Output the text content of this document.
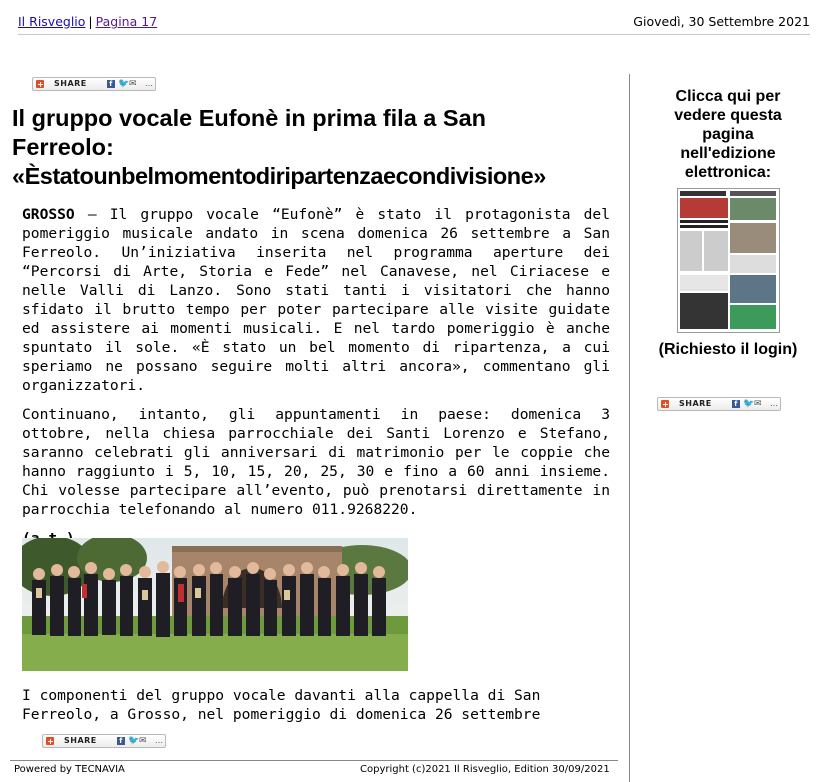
Il Risveglio | Pagina 17	Giovedì, 30 Settembre 2021
SHARE	f 🐦 ✉ …
Il gruppo vocale Eufonè in prima fila a San
Ferreolo:
«Èstatounbelmomentodiripartenzaecondivisione»

GROSSO — Il gruppo vocale “Eufonè” è stato il protagonista del pomeriggio musicale andato in scena domenica 26 settembre a San Ferreolo. Un’iniziativa inserita nel programma aperture dei “Percorsi di Arte, Storia e Fede” nel Canavese, nel Ciriacese e nelle Valli di Lanzo. Sono stati tanti i visitatori che hanno sfidato il brutto tempo per poter partecipare alle visite guidate ed assistere ai momenti musicali. E nel tardo pomeriggio è anche spuntato il sole. «È stato un bel momento di ripartenza, a cui speriamo ne possano seguire molti altri ancora», commentano gli organizzatori.

Continuano, intanto, gli appuntamenti in paese: domenica 3 ottobre, nella chiesa parrocchiale dei Santi Lorenzo e Stefano, saranno celebrati gli anniversari di matrimonio per le coppie che hanno raggiunto i 5, 10, 15, 20, 25, 30 e fino a 60 anni insieme. Chi volesse partecipare all’evento, può prenotarsi direttamente in parrocchia telefonando al numero 011.9268220.

I componenti del gruppo vocale davanti alla cappella di San Ferreolo, a Grosso, nel pomeriggio di domenica 26 settembre
SHARE	f 🐦 ✉ …
Powered by TECNAVIA	Copyright (c)2021 Il Risveglio, Edition 30/09/2021
Clicca qui per vedere questa pagina nell'edizione elettronica:
(Richiesto il login)
SHARE	f 🐦 ✉ …
